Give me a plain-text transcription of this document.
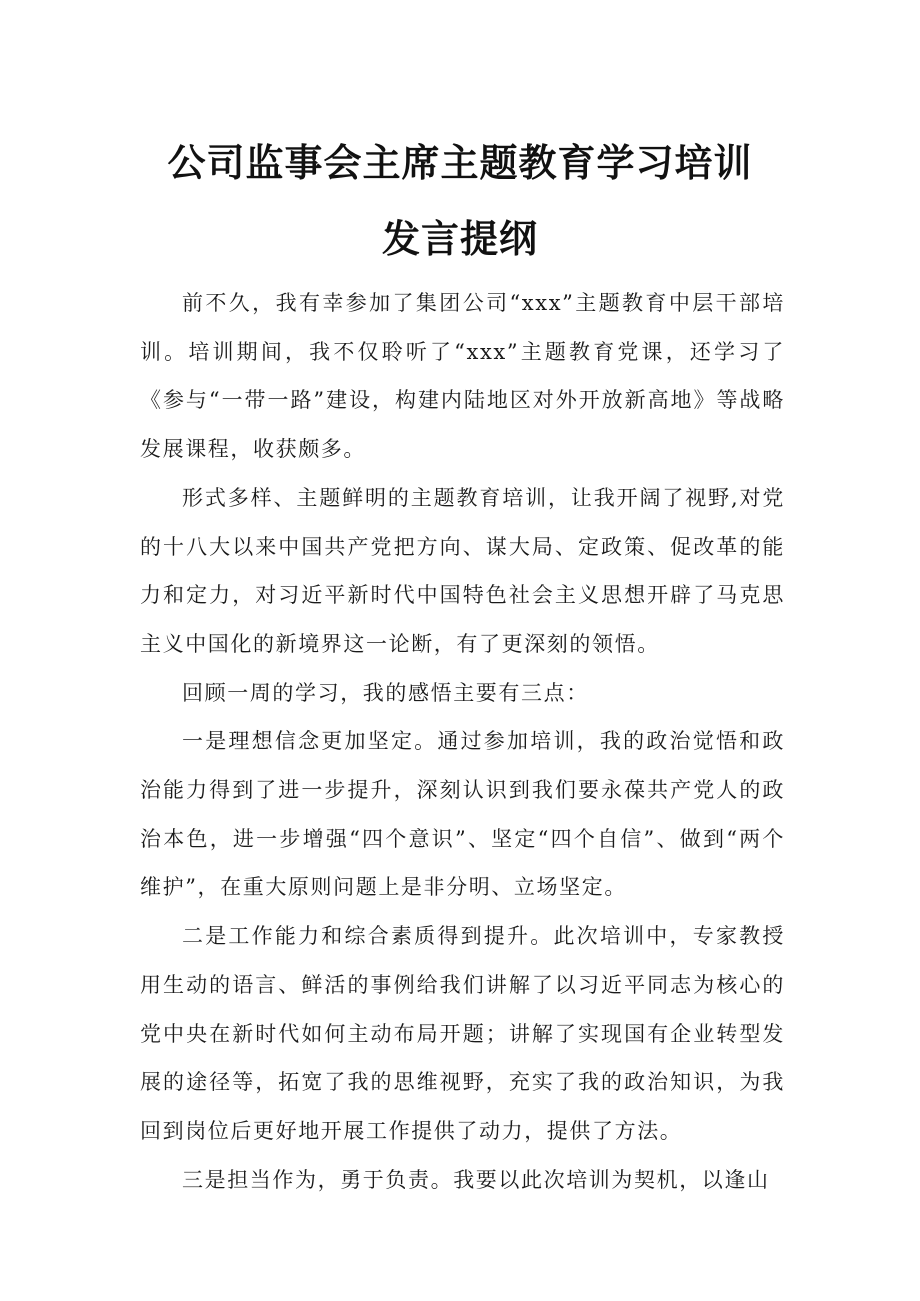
公司监事会主席主题教育学习培训
发言提纲

前不久，我有幸参加了集团公司“xxx”主题教育中层干部培训。培训期间，我不仅聆听了“xxx”主题教育党课，还学习了《参与“一带一路”建设，构建内陆地区对外开放新高地》等战略发展课程，收获颇多。

形式多样、主题鲜明的主题教育培训，让我开阔了视野,对党的十八大以来中国共产党把方向、谋大局、定政策、促改革的能力和定力，对习近平新时代中国特色社会主义思想开辟了马克思主义中国化的新境界这一论断，有了更深刻的领悟。

回顾一周的学习，我的感悟主要有三点：

一是理想信念更加坚定。通过参加培训，我的政治觉悟和政治能力得到了进一步提升，深刻认识到我们要永葆共产党人的政治本色，进一步增强“四个意识”、坚定“四个自信”、做到“两个维护”，在重大原则问题上是非分明、立场坚定。

二是工作能力和综合素质得到提升。此次培训中，专家教授用生动的语言、鲜活的事例给我们讲解了以习近平同志为核心的党中央在新时代如何主动布局开题；讲解了实现国有企业转型发展的途径等，拓宽了我的思维视野，充实了我的政治知识，为我回到岗位后更好地开展工作提供了动力，提供了方法。

三是担当作为，勇于负责。我要以此次培训为契机，以逢山
